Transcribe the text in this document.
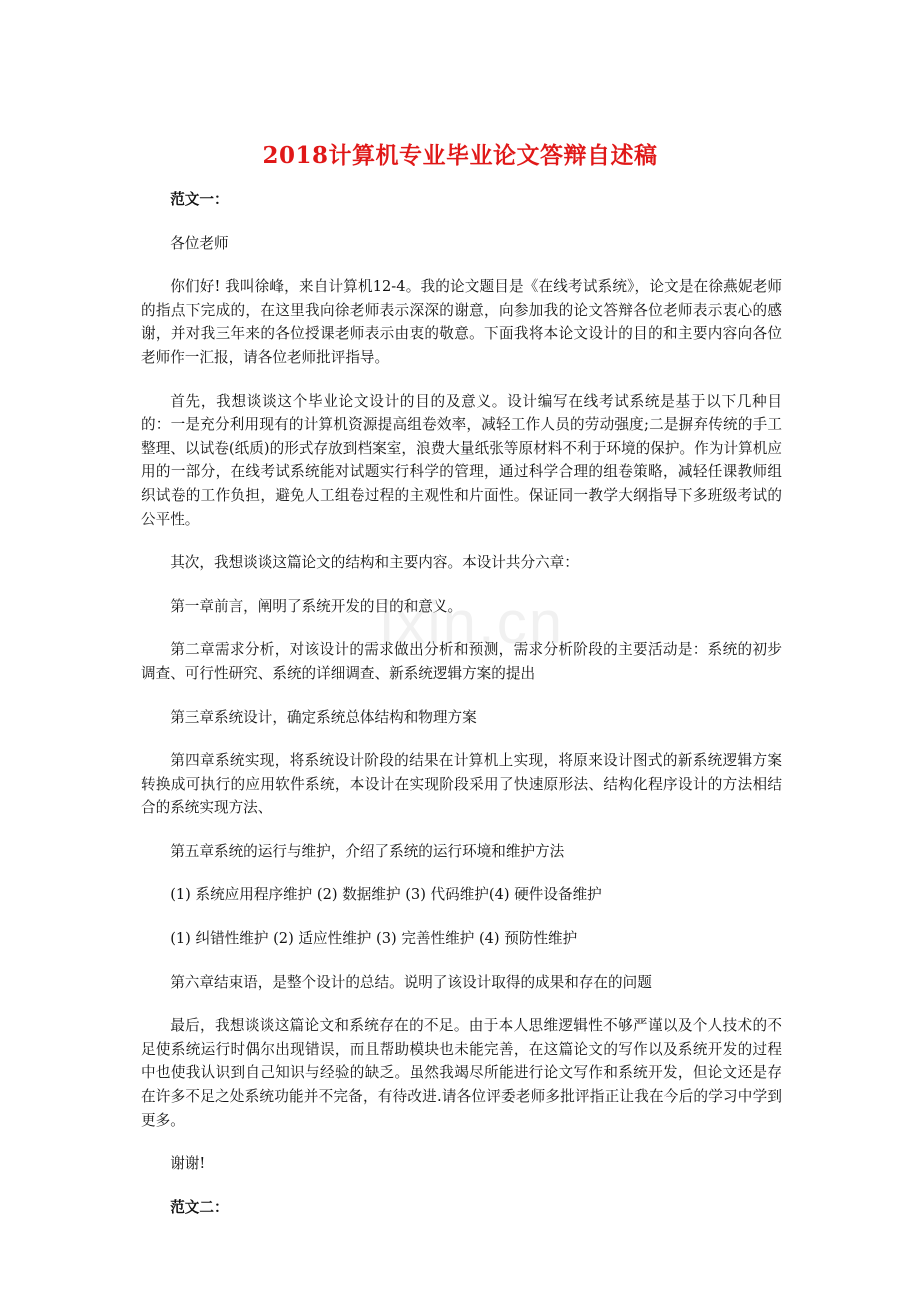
ixin.cn
2018计算机专业毕业论文答辩自述稿

范文一：

各位老师

你们好! 我叫徐峰，来自计算机12-4。我的论文题目是《在线考试系统》，论文是在徐燕妮老师的指点下完成的，在这里我向徐老师表示深深的谢意，向参加我的论文答辩各位老师表示衷心的感谢，并对我三年来的各位授课老师表示由衷的敬意。下面我将本论文设计的目的和主要内容向各位老师作一汇报，请各位老师批评指导。

首先，我想谈谈这个毕业论文设计的目的及意义。设计编写在线考试系统是基于以下几种目的：一是充分利用现有的计算机资源提高组卷效率，减轻工作人员的劳动强度;二是摒弃传统的手工整理、以试卷(纸质)的形式存放到档案室，浪费大量纸张等原材料不利于环境的保护。作为计算机应用的一部分，在线考试系统能对试题实行科学的管理，通过科学合理的组卷策略，减轻任课教师组织试卷的工作负担，避免人工组卷过程的主观性和片面性。保证同一教学大纲指导下多班级考试的公平性。

其次，我想谈谈这篇论文的结构和主要内容。本设计共分六章：

第一章前言，阐明了系统开发的目的和意义。

第二章需求分析，对该设计的需求做出分析和预测，需求分析阶段的主要活动是：系统的初步调查、可行性研究、系统的详细调查、新系统逻辑方案的提出

第三章系统设计，确定系统总体结构和物理方案

第四章系统实现，将系统设计阶段的结果在计算机上实现，将原来设计图式的新系统逻辑方案转换成可执行的应用软件系统，本设计在实现阶段采用了快速原形法、结构化程序设计的方法相结合的系统实现方法、

第五章系统的运行与维护，介绍了系统的运行环境和维护方法

(1) 系统应用程序维护 (2) 数据维护 (3) 代码维护(4) 硬件设备维护

(1) 纠错性维护 (2) 适应性维护 (3) 完善性维护 (4) 预防性维护

第六章结束语，是整个设计的总结。说明了该设计取得的成果和存在的问题

最后，我想谈谈这篇论文和系统存在的不足。由于本人思维逻辑性不够严谨以及个人技术的不足使系统运行时偶尔出现错误，而且帮助模块也未能完善，在这篇论文的写作以及系统开发的过程中也使我认识到自己知识与经验的缺乏。虽然我竭尽所能进行论文写作和系统开发，但论文还是存在许多不足之处系统功能并不完备，有待改进.请各位评委老师多批评指正让我在今后的学习中学到更多。

谢谢!

范文二：
